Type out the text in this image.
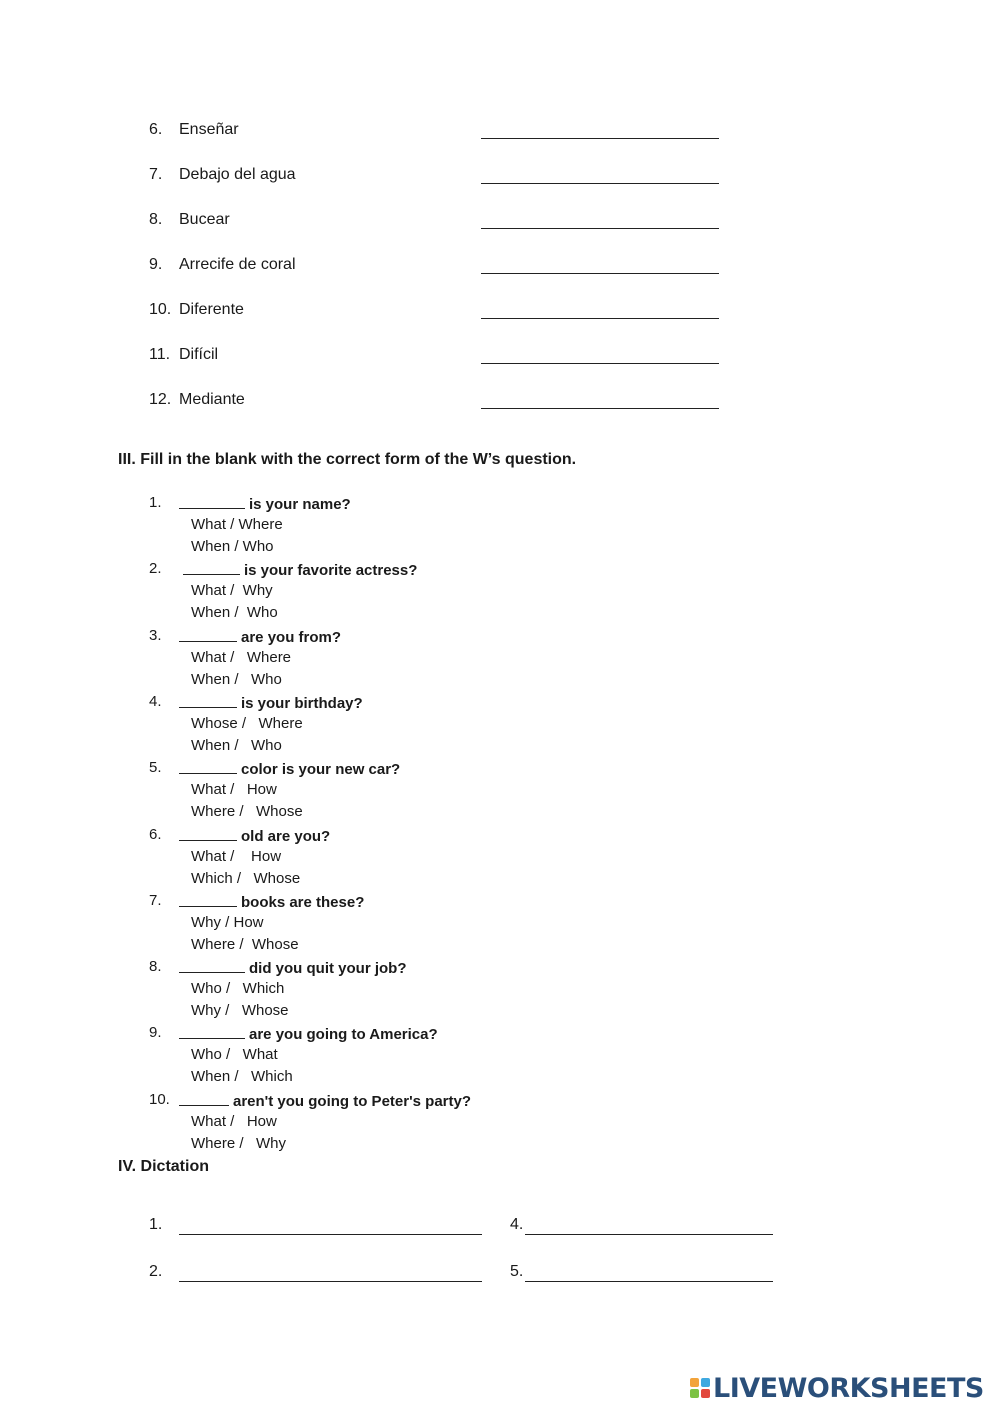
6. Enseñar
7. Debajo del agua
8. Bucear
9. Arrecife de coral
10. Diferente
11. Difícil
12. Mediante
III. Fill in the blank with the correct form of the W’s question.
1.	is your name?
What / Where
When / Who
2.	is your favorite actress?
What /  Why
When /  Who
3.	are you from?
What /   Where
When /   Who
4.	is your birthday?
Whose /   Where
When /   Who
5.	color is your new car?
What /   How
Where /   Whose
6.	old are you?
What /    How
Which /   Whose
7.	books are these?
Why / How
Where /  Whose
8.	did you quit your job?
Who /   Which
Why /   Whose
9.	are you going to America?
Who /   What
When /   Which
10.	aren't you going to Peter's party?
What /   How
Where /   Why
IV. Dictation
1.
2.
4.
5.
LIVEWORKSHEETS
